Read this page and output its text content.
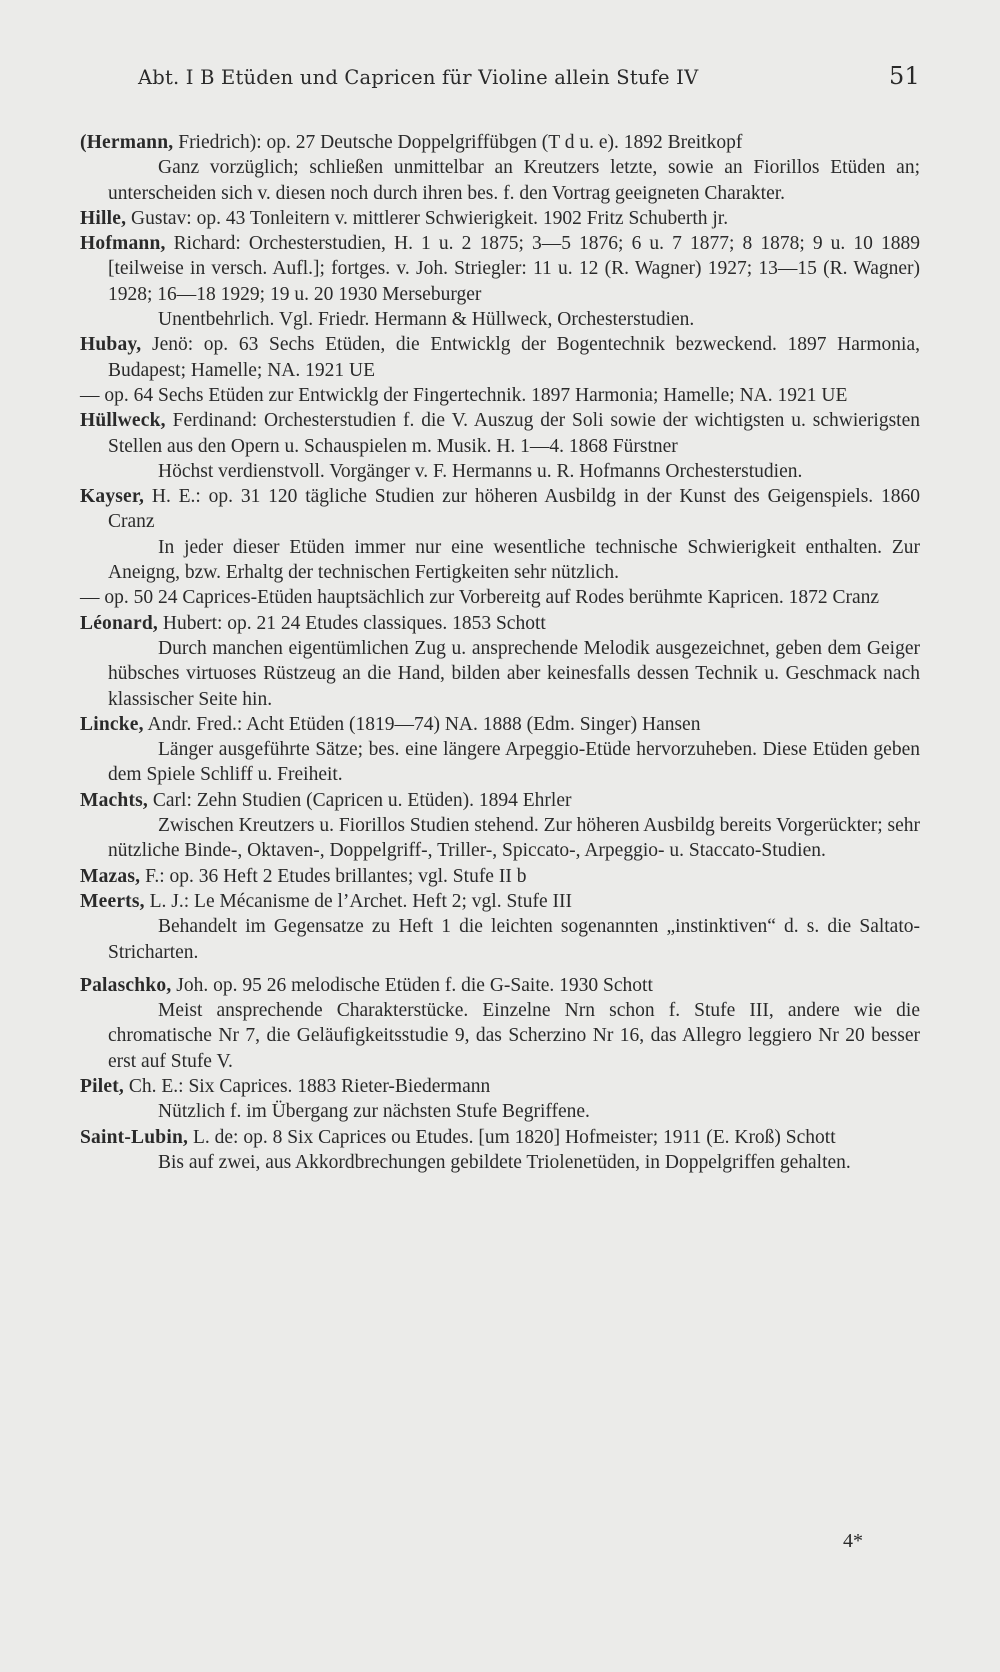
Abt. I B Etüden und Capricen für Violine allein Stufe IV	51
(Hermann, Friedrich): op. 27 Deutsche Doppelgriffübgen (T d u. e). 1892 Breitkopf
Ganz vorzüglich; schließen unmittelbar an Kreutzers letzte, sowie an Fiorillos Etüden an; unterscheiden sich v. diesen noch durch ihren bes. f. den Vortrag geeigneten Charakter.
Hille, Gustav: op. 43 Tonleitern v. mittlerer Schwierigkeit. 1902 Fritz Schuberth jr.
Hofmann, Richard: Orchesterstudien, H. 1 u. 2 1875; 3—5 1876; 6 u. 7 1877; 8 1878; 9 u. 10 1889 [teilweise in versch. Aufl.]; fortges. v. Joh. Striegler: 11 u. 12 (R. Wagner) 1927; 13—15 (R. Wagner) 1928; 16—18 1929; 19 u. 20 1930 Merseburger
Unentbehrlich. Vgl. Friedr. Hermann & Hüllweck, Orchesterstudien.
Hubay, Jenö: op. 63 Sechs Etüden, die Entwicklg der Bogentechnik bezweckend. 1897 Harmonia, Budapest; Hamelle; NA. 1921 UE
— op. 64 Sechs Etüden zur Entwicklg der Fingertechnik. 1897 Harmonia; Hamelle; NA. 1921 UE
Hüllweck, Ferdinand: Orchesterstudien f. die V. Auszug der Soli sowie der wichtigsten u. schwierigsten Stellen aus den Opern u. Schauspielen m. Musik. H. 1—4. 1868 Fürstner
Höchst verdienstvoll. Vorgänger v. F. Hermanns u. R. Hofmanns Orchesterstudien.
Kayser, H. E.: op. 31 120 tägliche Studien zur höheren Ausbildg in der Kunst des Geigenspiels. 1860 Cranz
In jeder dieser Etüden immer nur eine wesentliche technische Schwierigkeit enthalten. Zur Aneigng, bzw. Erhaltg der technischen Fertigkeiten sehr nützlich.
— op. 50 24 Caprices-Etüden hauptsächlich zur Vorbereitg auf Rodes berühmte Kapricen. 1872 Cranz
Léonard, Hubert: op. 21 24 Etudes classiques. 1853 Schott
Durch manchen eigentümlichen Zug u. ansprechende Melodik ausgezeichnet, geben dem Geiger hübsches virtuoses Rüstzeug an die Hand, bilden aber keinesfalls dessen Technik u. Geschmack nach klassischer Seite hin.
Lincke, Andr. Fred.: Acht Etüden (1819—74) NA. 1888 (Edm. Singer) Hansen
Länger ausgeführte Sätze; bes. eine längere Arpeggio-Etüde hervorzuheben. Diese Etüden geben dem Spiele Schliff u. Freiheit.
Machts, Carl: Zehn Studien (Capricen u. Etüden). 1894 Ehrler
Zwischen Kreutzers u. Fiorillos Studien stehend. Zur höheren Ausbildg bereits Vorgerückter; sehr nützliche Binde-, Oktaven-, Doppelgriff-, Triller-, Spiccato-, Arpeggio- u. Staccato-Studien.
Mazas, F.: op. 36 Heft 2 Etudes brillantes; vgl. Stufe II b
Meerts, L. J.: Le Mécanisme de l’Archet. Heft 2; vgl. Stufe III
Behandelt im Gegensatze zu Heft 1 die leichten sogenannten „instinktiven“ d. s. die Saltato-Stricharten.
Palaschko, Joh. op. 95 26 melodische Etüden f. die G-Saite. 1930 Schott
Meist ansprechende Charakterstücke. Einzelne Nrn schon f. Stufe III, andere wie die chromatische Nr 7, die Geläufigkeitsstudie 9, das Scherzino Nr 16, das Allegro leggiero Nr 20 besser erst auf Stufe V.
Pilet, Ch. E.: Six Caprices. 1883 Rieter-Biedermann
Nützlich f. im Übergang zur nächsten Stufe Begriffene.
Saint-Lubin, L. de: op. 8 Six Caprices ou Etudes. [um 1820] Hofmeister; 1911 (E. Kroß) Schott
Bis auf zwei, aus Akkordbrechungen gebildete Triolenetüden, in Doppelgriffen gehalten.
4*
